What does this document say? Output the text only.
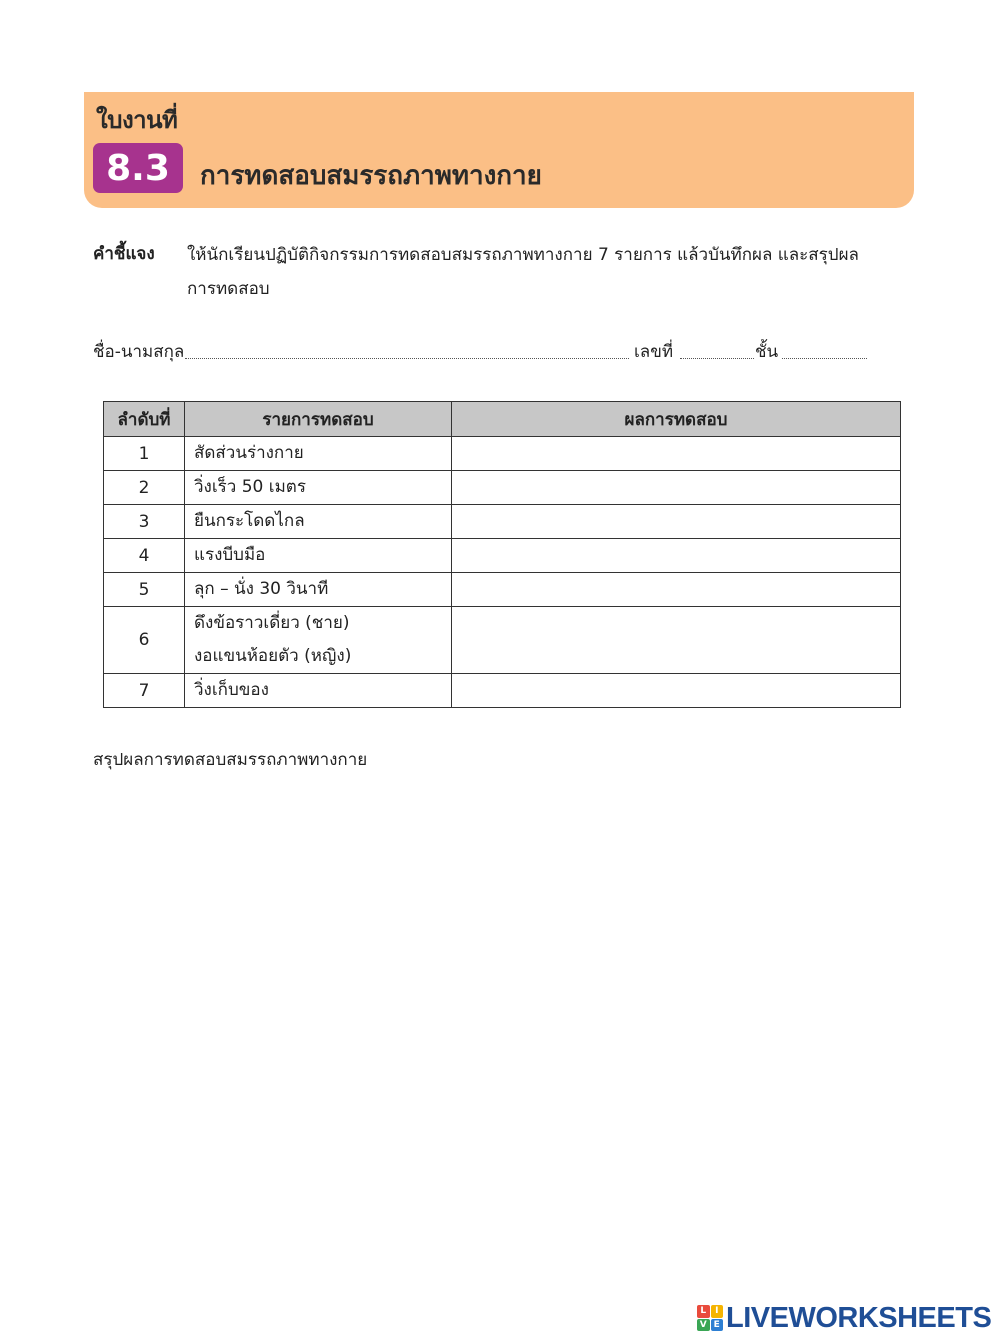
ใบงานที่
8.3	การทดสอบสมรรถภาพทางกาย
คำชี้แจง ให้นักเรียนปฏิบัติกิจกรรมการทดสอบสมรรถภาพทางกาย 7 รายการ แล้วบันทึกผล และสรุปผล
การทดสอบ
ชื่อ-นามสกุล	เลขที่	ชั้น
ลำดับที่	รายการทดสอบ	ผลการทดสอบ
1	สัดส่วนร่างกาย	
2	วิ่งเร็ว 50 เมตร	
3	ยืนกระโดดไกล	
4	แรงบีบมือ	
5	ลุก – นั่ง 30 วินาที	
6	ดึงข้อราวเดี่ยว (ชาย)
งอแขนห้อยตัว (หญิง)	

7	วิ่งเก็บของ	
สรุปผลการทดสอบสมรรถภาพทางกาย
L I
V E LIVEWORKSHEETS
